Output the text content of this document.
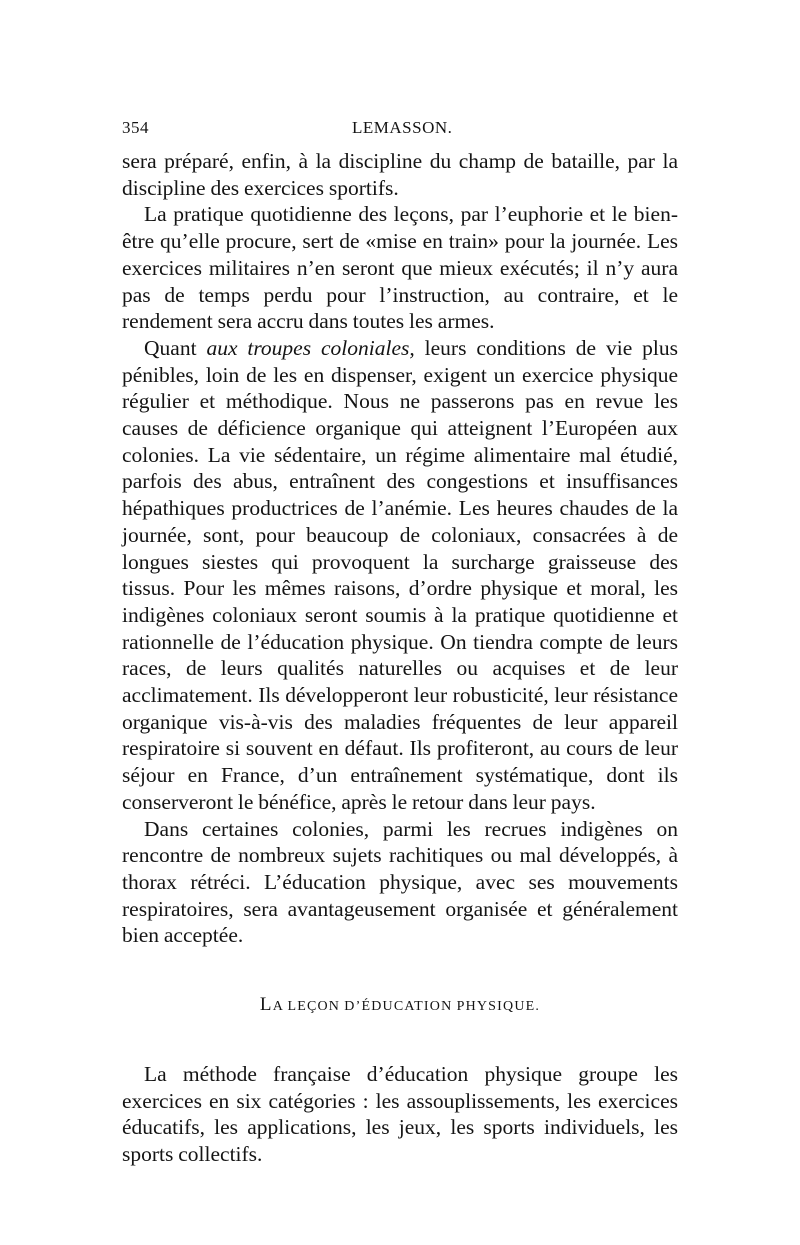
354	LEMASSON.

sera préparé, enfin, à la discipline du champ de bataille, par la discipline des exercices sportifs.

La pratique quotidienne des leçons, par l’euphorie et le bien-être qu’elle procure, sert de «mise en train» pour la journée. Les exercices militaires n’en seront que mieux exécutés; il n’y aura pas de temps perdu pour l’instruction, au contraire, et le rendement sera accru dans toutes les armes.

Quant aux troupes coloniales, leurs conditions de vie plus pénibles, loin de les en dispenser, exigent un exercice physique régulier et méthodique. Nous ne passerons pas en revue les causes de déficience organique qui atteignent l’Européen aux colonies. La vie sédentaire, un régime alimentaire mal étudié, parfois des abus, entraînent des congestions et insuffisances hépathiques productrices de l’anémie. Les heures chaudes de la journée, sont, pour beaucoup de coloniaux, consacrées à de longues siestes qui provoquent la surcharge graisseuse des tissus. Pour les mêmes raisons, d’ordre physique et moral, les indigènes coloniaux seront soumis à la pratique quotidienne et rationnelle de l’éducation physique. On tiendra compte de leurs races, de leurs qualités naturelles ou acquises et de leur acclimatement. Ils développeront leur robusticité, leur résistance organique vis-à-vis des maladies fréquentes de leur appareil respiratoire si souvent en défaut. Ils profiteront, au cours de leur séjour en France, d’un entraînement systématique, dont ils conserveront le bénéfice, après le retour dans leur pays.

Dans certaines colonies, parmi les recrues indigènes on rencontre de nombreux sujets rachitiques ou mal développés, à thorax rétréci. L’éducation physique, avec ses mouvements respiratoires, sera avantageusement organisée et généralement bien acceptée.

LA LEÇON D’ÉDUCATION PHYSIQUE.

La méthode française d’éducation physique groupe les exercices en six catégories : les assouplissements, les exercices éducatifs, les applications, les jeux, les sports individuels, les sports collectifs.
